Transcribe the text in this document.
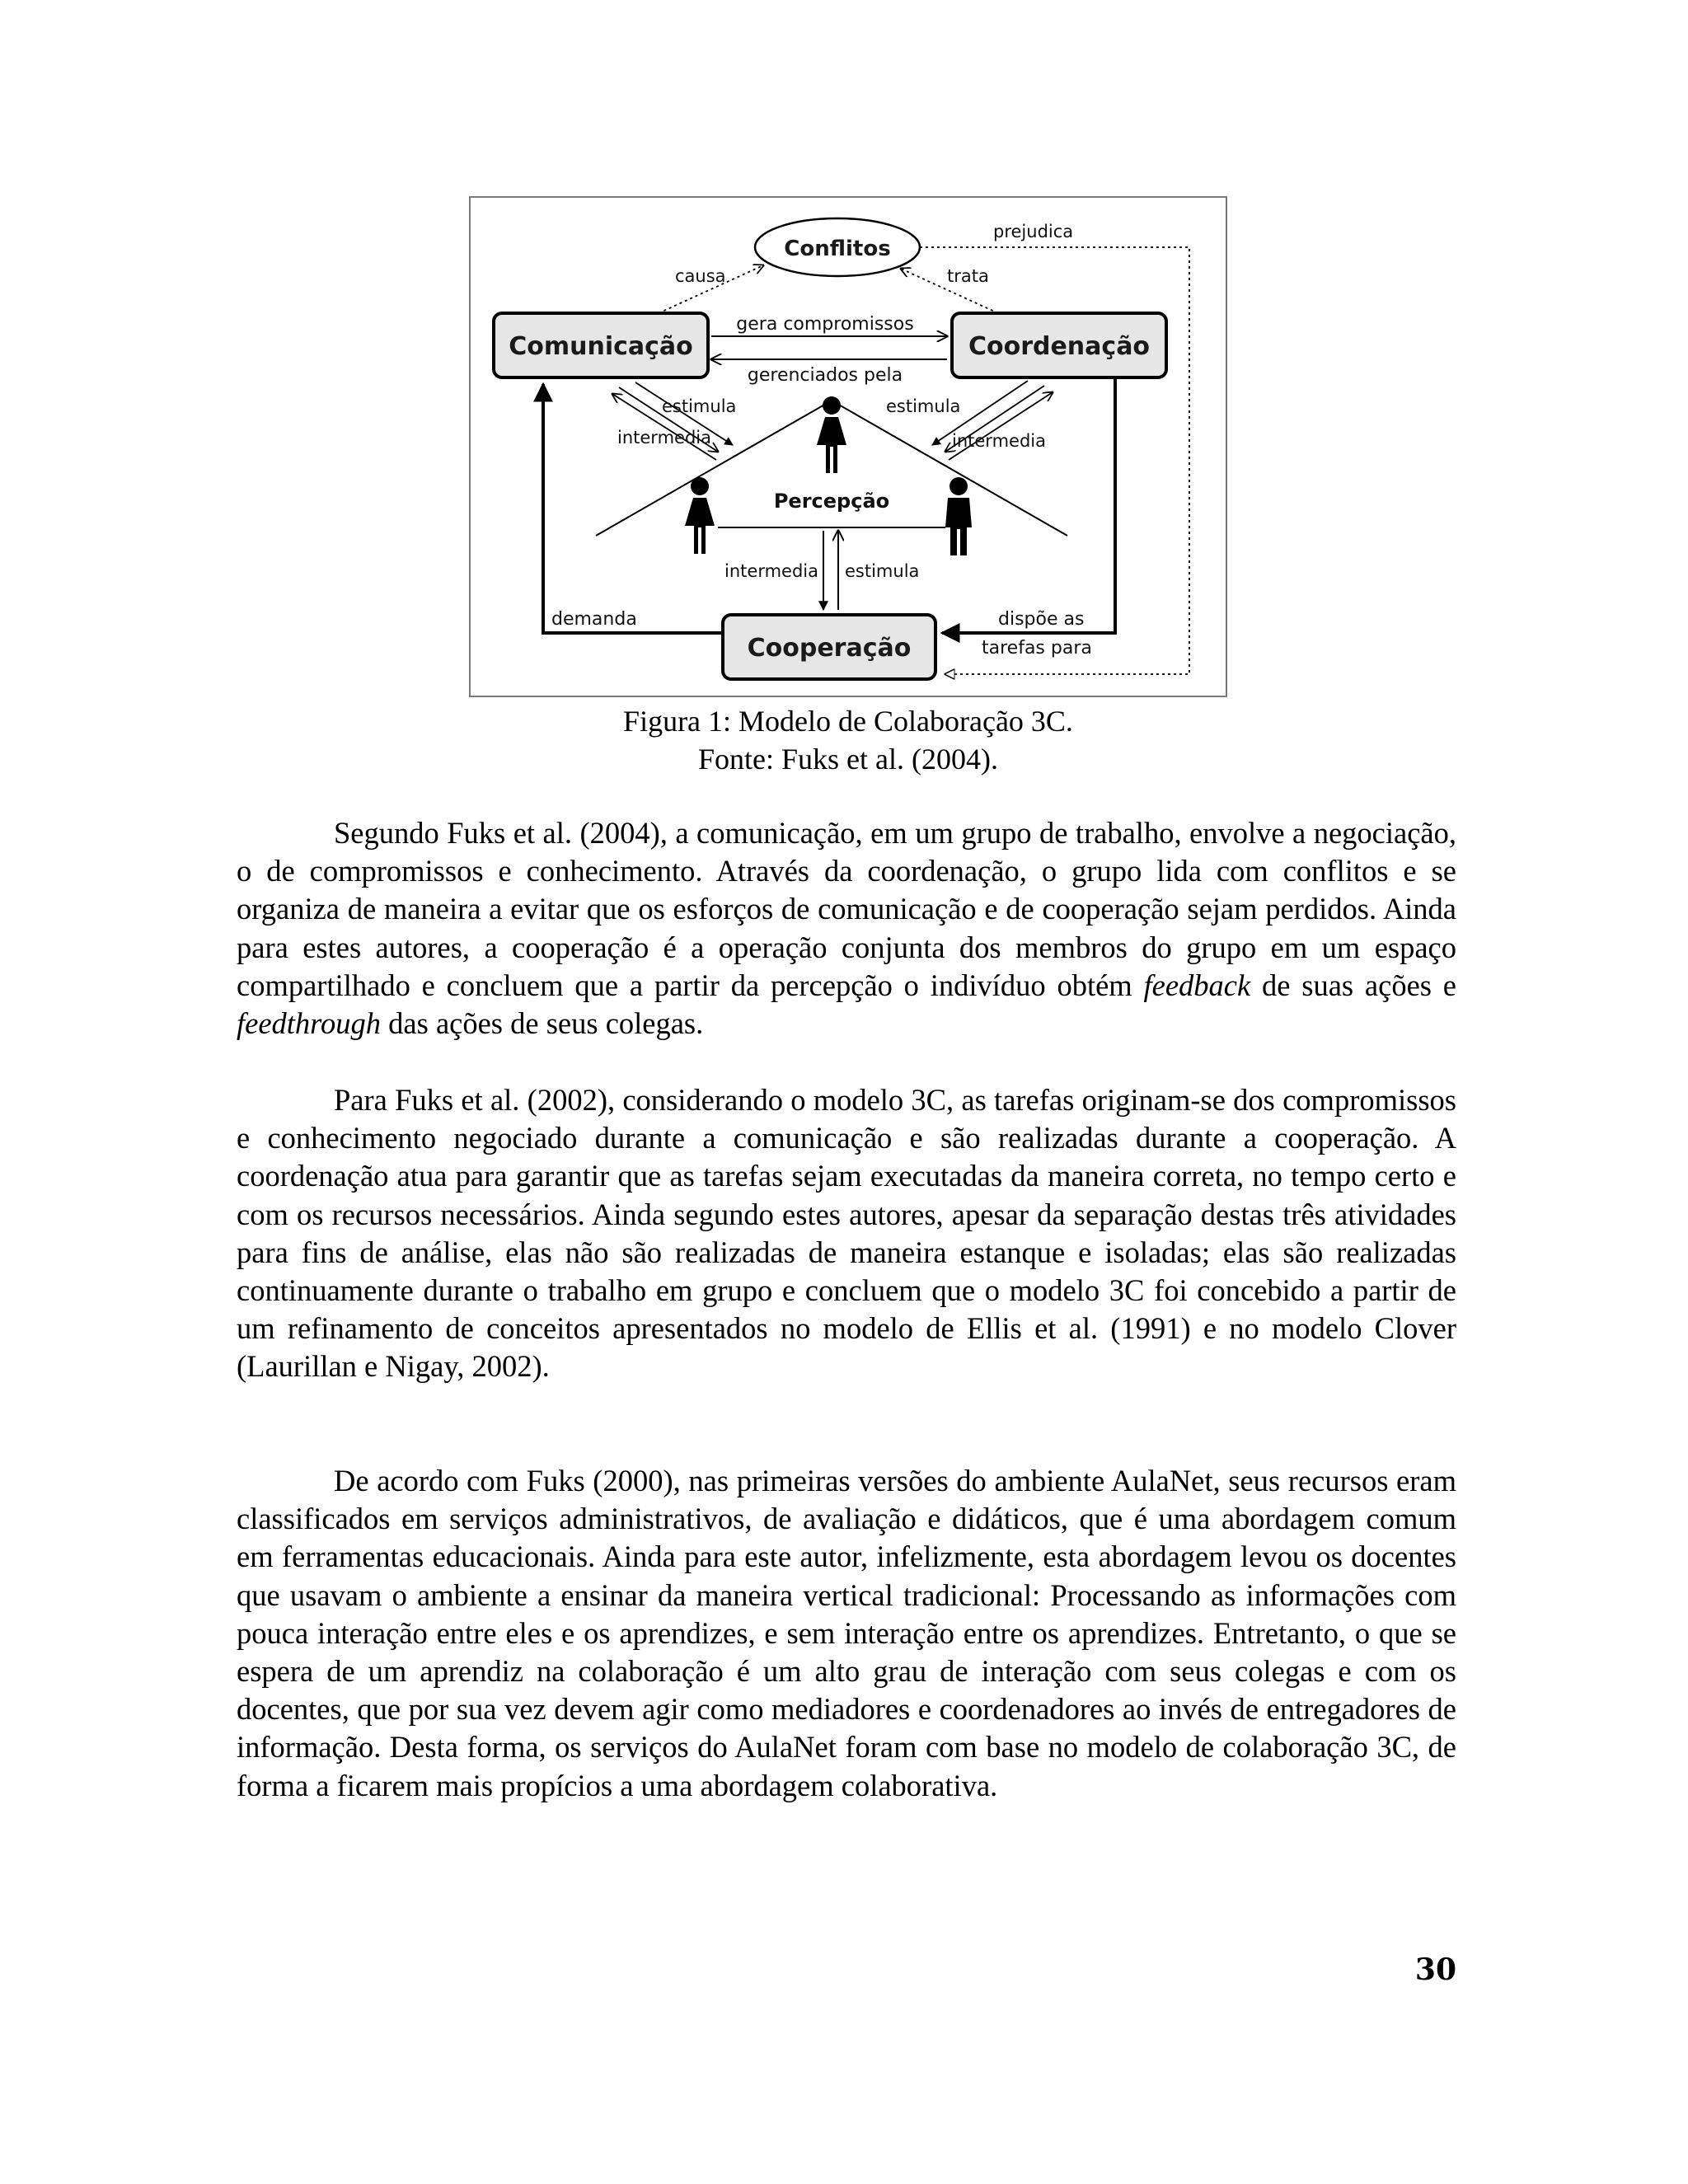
Conflitos
Comunicação	Coordenação
Cooperação
prejudica
causa	trata
gera compromissos
gerenciados pela
Percepção
estimula
intermedia
estimula
intermedia
intermedia estimula
demanda	dispõe as
tarefas para
Figura 1: Modelo de Colaboração 3C.
Fonte: Fuks et al. (2004).

Segundo Fuks et al. (2004), a comunicação, em um grupo de trabalho, envolve a negociação, o de compromissos e conhecimento. Através da coordenação, o grupo lida com conflitos e se organiza de maneira a evitar que os esforços de comunicação e de cooperação sejam perdidos. Ainda para estes autores, a cooperação é a operação conjunta dos membros do grupo em um espaço compartilhado e concluem que a partir da percepção o indivíduo obtém feedback de suas ações e feedthrough das ações de seus colegas.

Para Fuks et al. (2002), considerando o modelo 3C, as tarefas originam-se dos compromissos e conhecimento negociado durante a comunicação e são realizadas durante a cooperação. A coordenação atua para garantir que as tarefas sejam executadas da maneira correta, no tempo certo e com os recursos necessários. Ainda segundo estes autores, apesar da separação destas três atividades para fins de análise, elas não são realizadas de maneira estanque e isoladas; elas são realizadas continuamente durante o trabalho em grupo e concluem que o modelo 3C foi concebido a partir de um refinamento de conceitos apresentados no modelo de Ellis et al. (1991) e no modelo Clover (Laurillan e Nigay, 2002).

De acordo com Fuks (2000), nas primeiras versões do ambiente AulaNet, seus recursos eram classificados em serviços administrativos, de avaliação e didáticos, que é uma abordagem comum em ferramentas educacionais. Ainda para este autor, infelizmente, esta abordagem levou os docentes que usavam o ambiente a ensinar da maneira vertical tradicional: Processando as informações com pouca interação entre eles e os aprendizes, e sem interação entre os aprendizes. Entretanto, o que se espera de um aprendiz na colaboração é um alto grau de interação com seus colegas e com os docentes, que por sua vez devem agir como mediadores e coordenadores ao invés de entregadores de informação. Desta forma, os serviços do AulaNet foram com base no modelo de colaboração 3C, de forma a ficarem mais propícios a uma abordagem colaborativa.

30
